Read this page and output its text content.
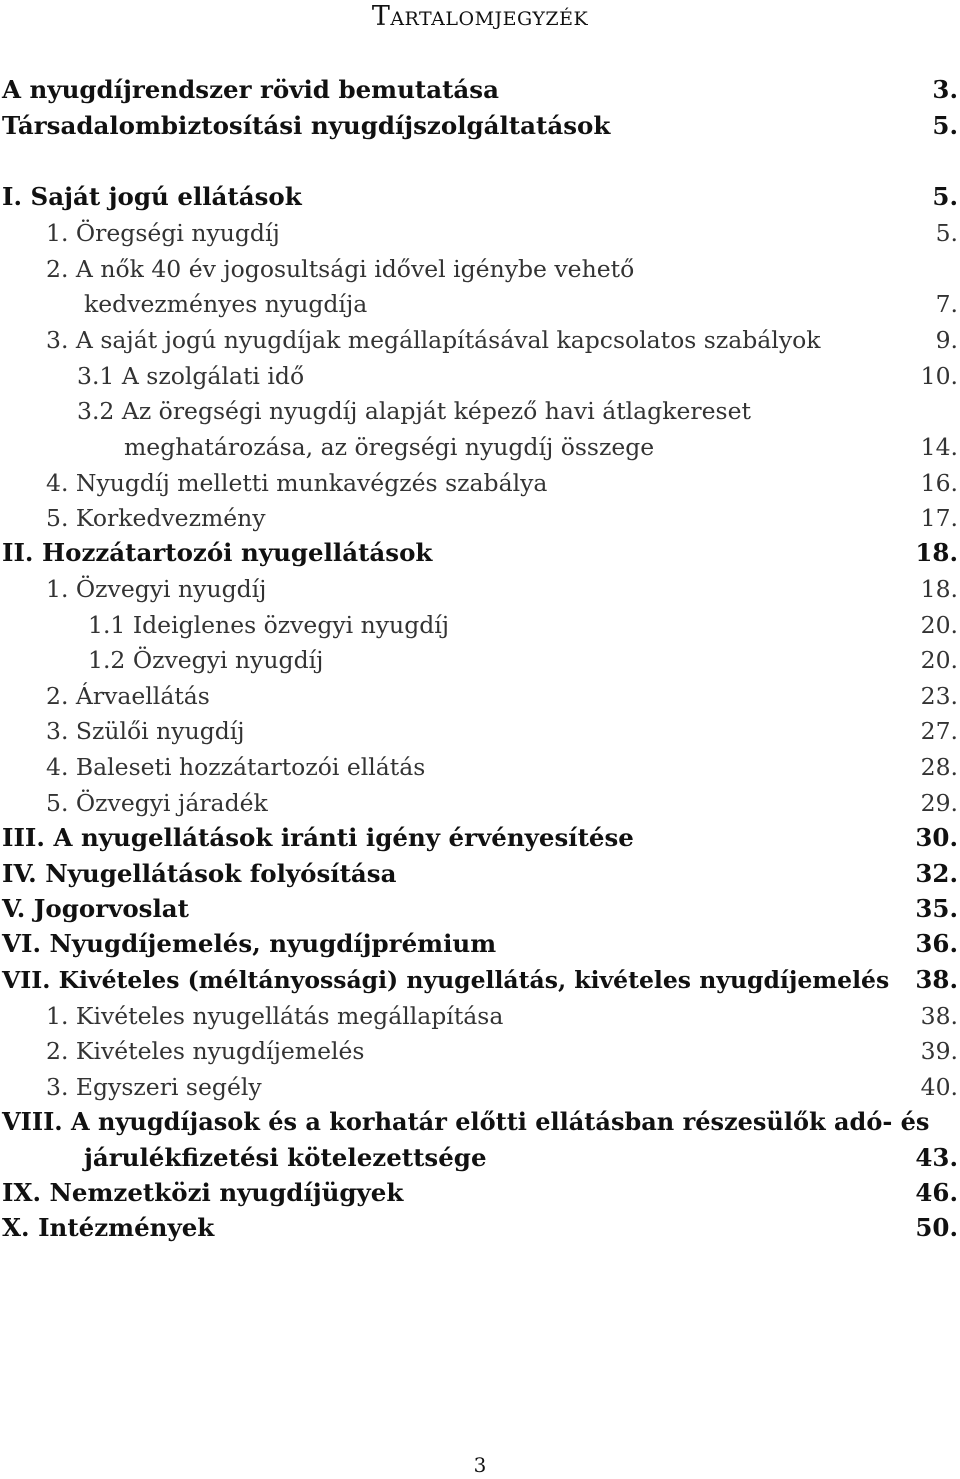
TARTALOMJEGYZÉK
A nyugdíjrendszer rövid bemutatása	3.
Társadalombiztosítási nyugdíjszolgáltatások	5.
I. Saját jogú ellátások	5.
1. Öregségi nyugdíj	5.
2. A nők 40 év jogosultsági idővel igénybe vehető
kedvezményes nyugdíja	7.
3. A saját jogú nyugdíjak megállapításával kapcsolatos szabályok	9.
3.1 A szolgálati idő	10.
3.2 Az öregségi nyugdíj alapját képező havi átlagkereset
meghatározása, az öregségi nyugdíj összege	14.
4. Nyugdíj melletti munkavégzés szabálya	16.
5. Korkedvezmény	17.
II. Hozzátartozói nyugellátások	18.
1. Özvegyi nyugdíj	18.
1.1 Ideiglenes özvegyi nyugdíj	20.
1.2 Özvegyi nyugdíj	20.
2. Árvaellátás	23.
3. Szülői nyugdíj	27.
4. Baleseti hozzátartozói ellátás	28.
5. Özvegyi járadék	29.
III. A nyugellátások iránti igény érvényesítése	30.
IV. Nyugellátások folyósítása	32.
V. Jogorvoslat	35.
VI. Nyugdíjemelés, nyugdíjprémium	36.
VII. Kivételes (méltányossági) nyugellátás, kivételes nyugdíjemelés 38.
1. Kivételes nyugellátás megállapítása	38.
2. Kivételes nyugdíjemelés	39.
3. Egyszeri segély	40.
VIII. A nyugdíjasok és a korhatár előtti ellátásban részesülők adó- és
járulékfizetési kötelezettsége	43.
IX. Nemzetközi nyugdíjügyek	46.
X. Intézmények	50.
3
